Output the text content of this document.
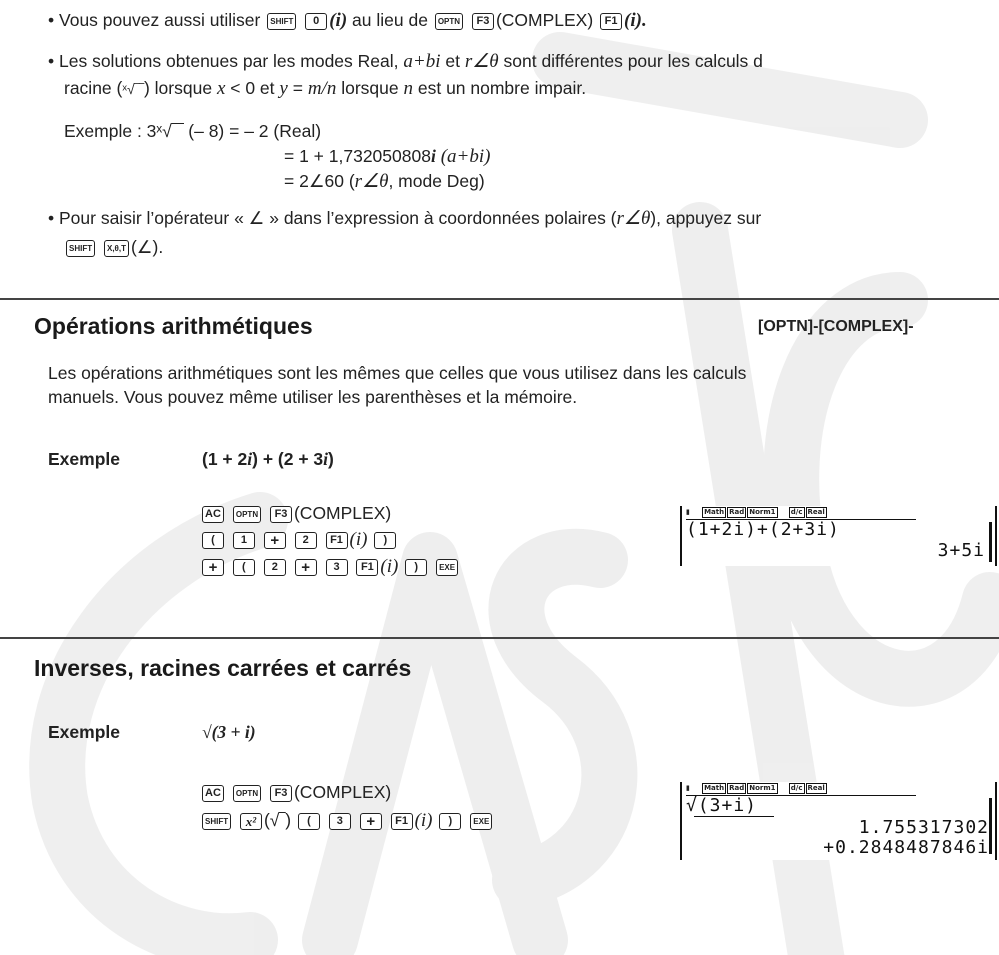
• Vous pouvez aussi utiliser SHIFT 0 (i) au lieu de OPTN F3 (COMPLEX) F1 (i).
• Les solutions obtenues par les modes Real, a+bi et r∠θ sont différentes pour les calculs d
racine (ˣ√‾‾) lorsque x < 0 et y = m/n lorsque n est un nombre impair.
Exemple : 3ˣ√‾‾ (– 8) = – 2 (Real)
= 1 + 1,732050808i (a+bi)
= 2∠60 (r∠θ, mode Deg)
• Pour saisir l’opérateur « ∠ » dans l’expression à coordonnées polaires (r∠θ), appuyez sur
SHIFT X,θ,T (∠).
Opérations arithmétiques	[OPTN]-[COMPLEX]-
Les opérations arithmétiques sont les mêmes que celles que vous utilisez dans les calculs
manuels. Vous pouvez même utiliser les parenthèses et la mémoire.
Exemple	(1 + 2i) + (2 + 3i)
AC OPTN F3 (COMPLEX)
( 1 + 2 F1 (i) )
+ ( 2 + 3 F1 (i) )	EXE
▮ Math Rad Norm1 d/c Real
(1+2i)+(2+3i)
3+5i
Inverses, racines carrées et carrés
Exemple	√(3 + i)
AC OPTN F3 (COMPLEX)
SHIFT x² (√‾) ( 3 + F1 (i) )	EXE
▮ Math Rad Norm1 d/c Real
√(3+i)
1.755317302
+0.2848487846i
